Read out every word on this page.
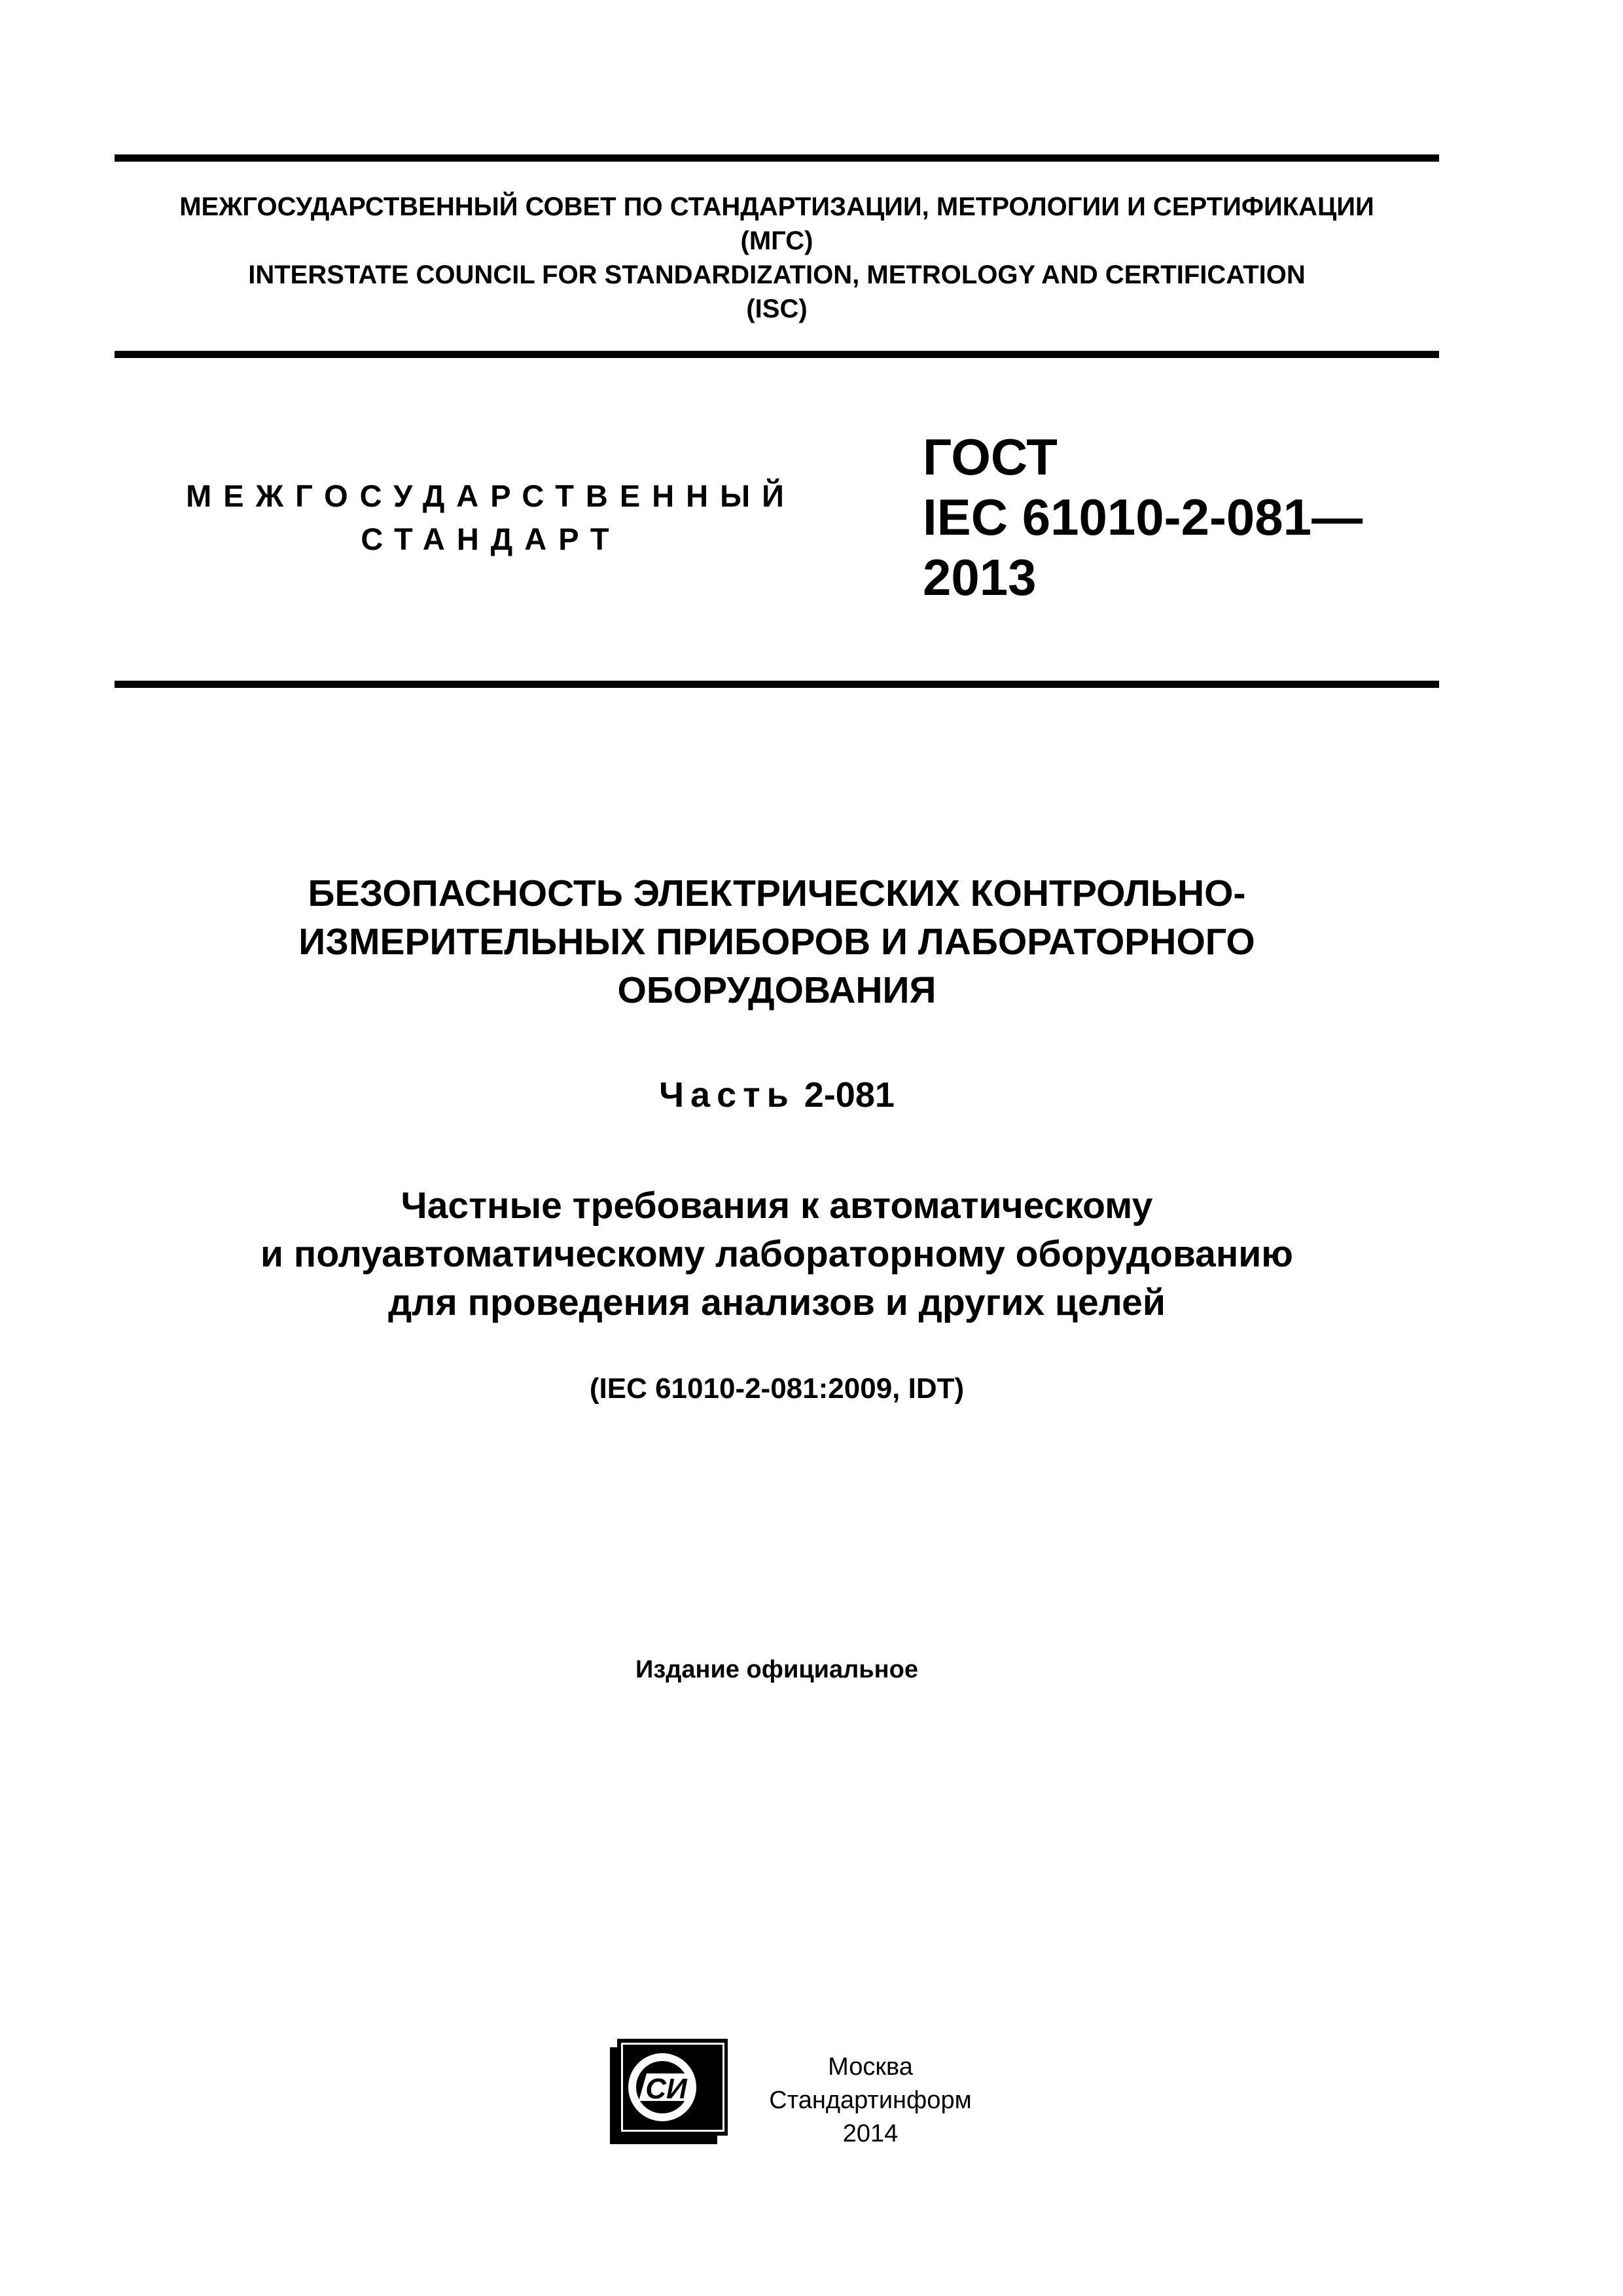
МЕЖГОСУДАРСТВЕННЫЙ СОВЕТ ПО СТАНДАРТИЗАЦИИ, МЕТРОЛОГИИ И СЕРТИФИКАЦИИ
(МГС)
INTERSTATE COUNCIL FOR STANDARDIZATION, METROLOGY AND CERTIFICATION
(ISC)
МЕЖГОСУДАРСТВЕННЫЙ
СТАНДАРТ
ГОСТ
IEC 61010-2-081—
2013
БЕЗОПАСНОСТЬ ЭЛЕКТРИЧЕСКИХ КОНТРОЛЬНО-
ИЗМЕРИТЕЛЬНЫХ ПРИБОРОВ И ЛАБОРАТОРНОГО
ОБОРУДОВАНИЯ
Часть 2-081
Частные требования к автоматическому
и полуавтоматическому лабораторному оборудованию
для проведения анализов и других целей
(IEC 61010-2-081:2009, IDT)
Издание официальное
СИ
Москва
Стандартинформ
2014
